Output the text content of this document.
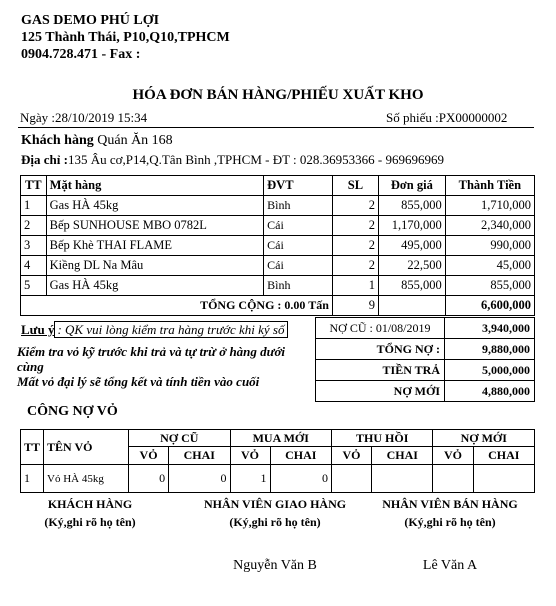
GAS DEMO PHÚ LỢI
125 Thành Thái, P10,Q10,TPHCM
0904.728.471 - Fax :
HÓA ĐƠN BÁN HÀNG/PHIẾU XUẤT KHO
Ngày :28/10/2019 15:34	Số phiếu :PX00000002
Khách hàng Quán Ăn 168
Địa chỉ :135 Âu cơ,P14,Q.Tân Bình ,TPHCM - ĐT : 028.36953366 - 969696969
TT	Mặt hàng	ĐVT	SL	Đơn giá	Thành Tiền
1	Gas HÀ 45kg	Bình	2	855,000	1,710,000
2	Bếp SUNHOUSE MBO 0782L	Cái	2	1,170,000	2,340,000
3	Bếp Khè THAI FLAME	Cái	2	495,000	990,000
4	Kiềng DL Na Mâu	Cái	2	22,500	45,000
5	Gas HÀ 45kg	Bình	1	855,000	855,000
TỔNG CỘNG : 0.00 Tấn			9		6,600,000
Lưu ý : QK vui lòng kiểm tra hàng trước khi ký số
Kiểm tra vỏ kỹ trước khi trả và tự trừ ở hàng dưới cùng
Mất vỏ đại lý sẽ tổng kết và tính tiền vào cuối
NỢ CŨ : 01/08/2019	3,940,000
TỔNG NỢ :	9,880,000
TIỀN TRẢ	5,000,000
NỢ MỚI	4,880,000
CÔNG NỢ VỎ
TT	TÊN VỎ	NỢ CŨ		MUA MỚI		THU HỒI		NỢ MỚI	
		VỎ	CHAI	VỎ	CHAI	VỎ	CHAI	VỎ	CHAI
1	Vỏ HÀ 45kg	0	0	1	0				
KHÁCH HÀNG
(Ký,ghi rõ họ tên)
NHÂN VIÊN GIAO HÀNG
(Ký,ghi rõ họ tên)
Nguyễn Văn B
NHÂN VIÊN BÁN HÀNG
(Ký,ghi rõ họ tên)
Lê Văn A
